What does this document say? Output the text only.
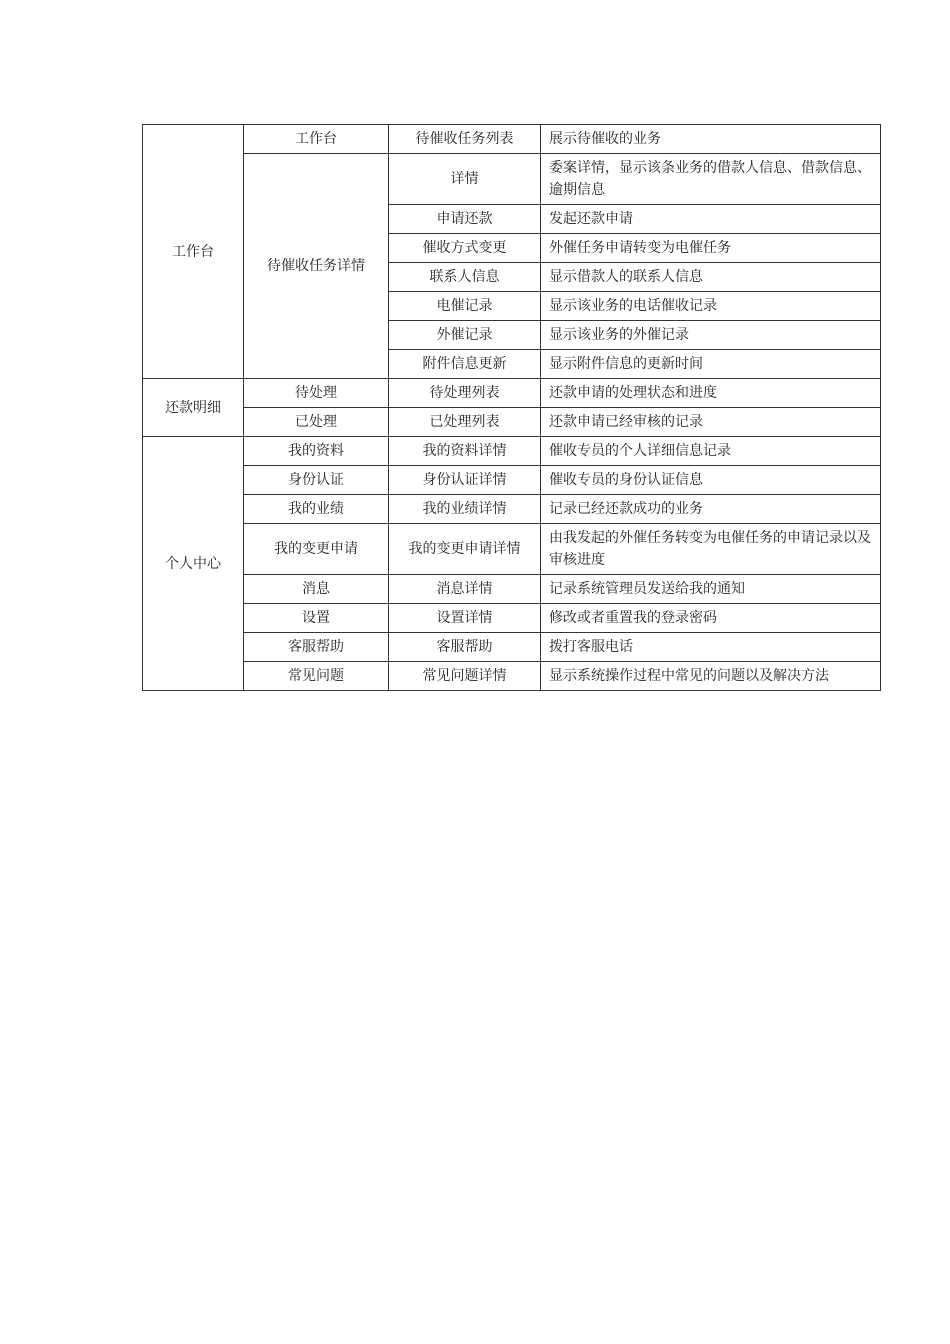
工作台	工作台	待催收任务列表	展示待催收的业务
	待催收任务详情	详情	委案详情，显示该条业务的借款人信息、借款信息、逾期信息
		申请还款	发起还款申请
		催收方式变更	外催任务申请转变为电催任务
		联系人信息	显示借款人的联系人信息
		电催记录	显示该业务的电话催收记录
		外催记录	显示该业务的外催记录
		附件信息更新	显示附件信息的更新时间
还款明细	待处理	待处理列表	还款申请的处理状态和进度
	已处理	已处理列表	还款申请已经审核的记录
个人中心	我的资料	我的资料详情	催收专员的个人详细信息记录
	身份认证	身份认证详情	催收专员的身份认证信息
	我的业绩	我的业绩详情	记录已经还款成功的业务
	我的变更申请	我的变更申请详情	由我发起的外催任务转变为电催任务的申请记录以及审核进度
	消息	消息详情	记录系统管理员发送给我的通知
	设置	设置详情	修改或者重置我的登录密码
	客服帮助	客服帮助	拨打客服电话
	常见问题	常见问题详情	显示系统操作过程中常见的问题以及解决方法
